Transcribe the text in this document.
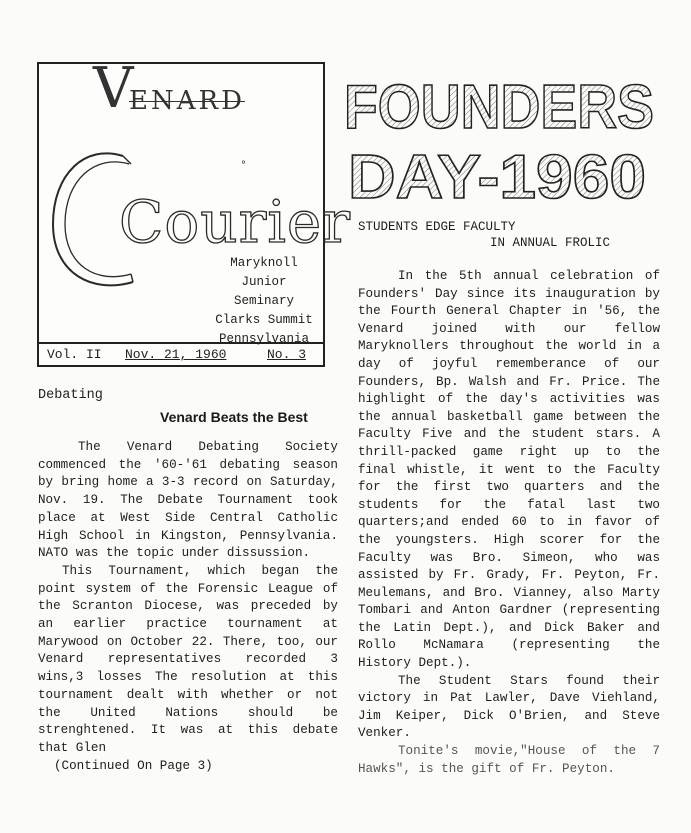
V
ENARD
Courier
°
Maryknoll Junior
Seminary
Clarks Summit
Pennsylvania
Vol. II Nov. 21, 1960	No. 3
Debating
Venard Beats the Best

The Venard Debating Society commenced the '60-'61 debating season by bring home a 3-3 record on Saturday, Nov. 19. The Debate Tournament took place at West Side Central Catholic High School in Kingston, Pennsylvania. NATO was the topic under dissussion.

This Tournament, which began the point system of the Forensic League of the Scranton Diocese, was preceded by an earlier practice tournament at Marywood on October 22. There, too, our Venard representatives recorded 3 wins,3 losses The resolution at this tournament dealt with whether or not the United Nations should be strenghtened. It was at this debate that Glen

(Continued On Page 3)
FOUNDERS
DAY-1960
STUDENTS EDGE FACULTY
IN ANNUAL FROLIC

In the 5th annual celebration of Founders' Day since its inauguration by the Fourth General Chapter in '56, the Venard joined with our fellow Maryknollers throughout the world in a day of joyful rememberance of our Founders, Bp. Walsh and Fr. Price. The highlight of the day's activities was the annual basketball game between the Faculty Five and the student stars. A thrill-packed game right up to the final whistle, it went to the Faculty for the first two quarters and the students for the fatal last two quarters;and ended 60 to in favor of the youngsters. High scorer for the Faculty was Bro. Simeon, who was assisted by Fr. Grady, Fr. Peyton, Fr. Meulemans, and Bro. Vianney, also Marty Tombari and Anton Gardner (representing the Latin Dept.), and Dick Baker and Rollo McNamara (representing the History Dept.).

The Student Stars found their victory in Pat Lawler, Dave Viehland, Jim Keiper, Dick O'Brien, and Steve Venker.

Tonite's movie,"House of the 7 Hawks", is the gift of Fr. Peyton.
